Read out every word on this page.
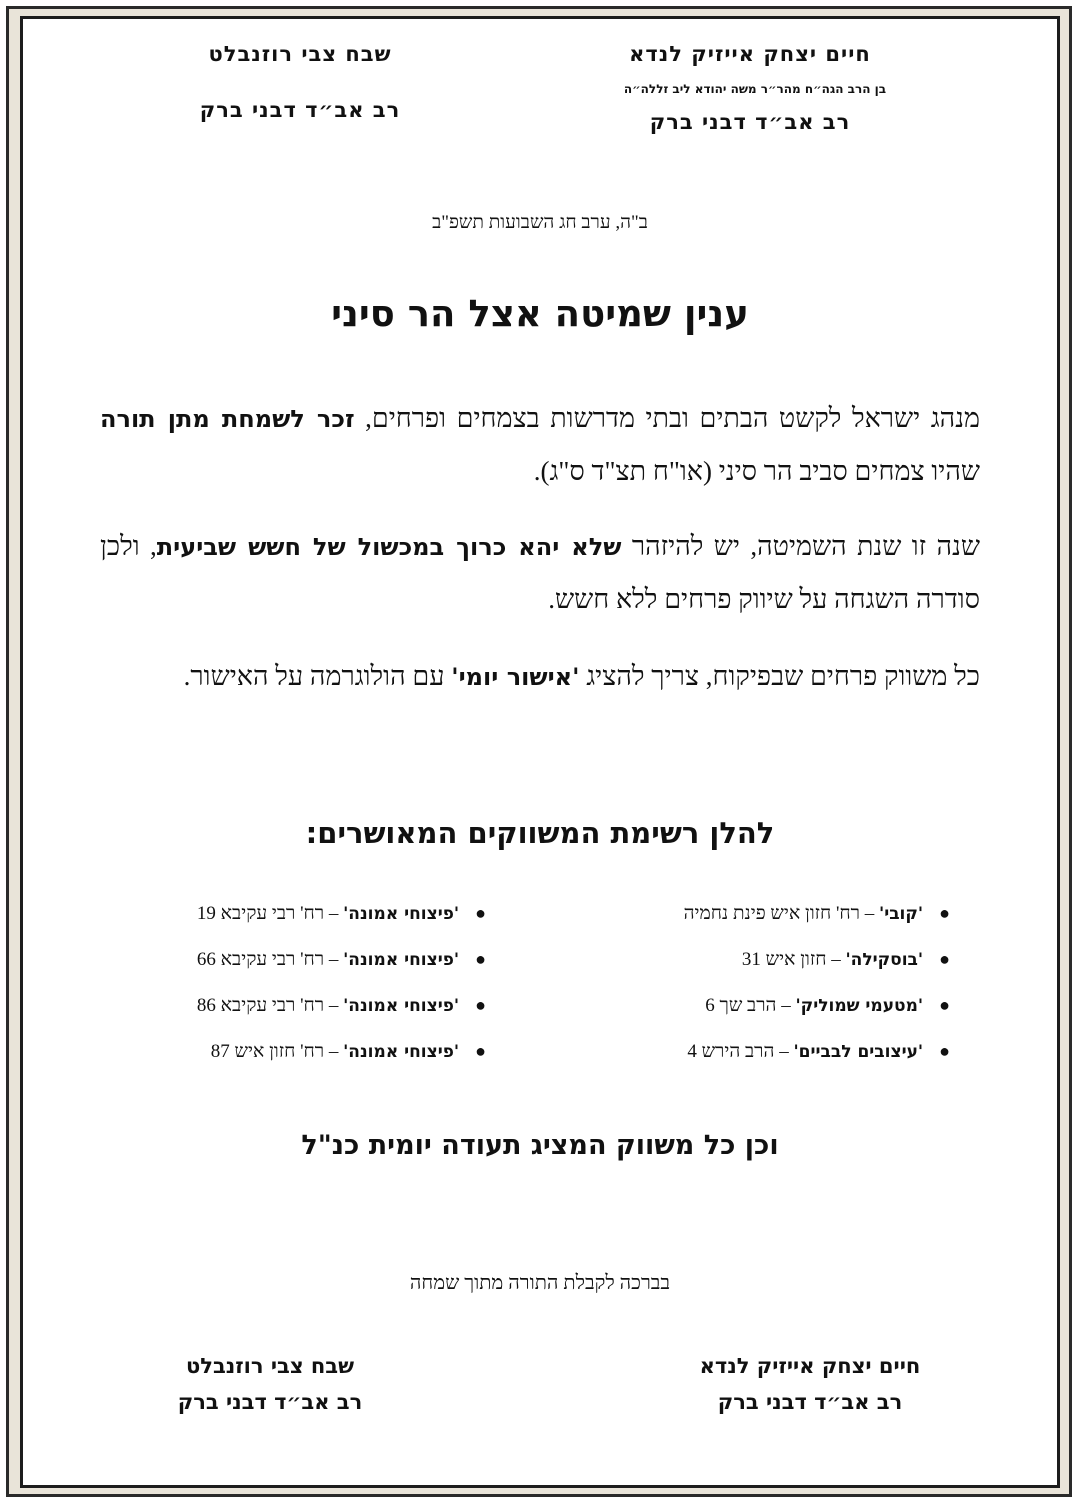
חיים יצחק אייזיק לנדא
בן הרב הגה״ח מהר״ר משה יהודא ליב זללה״ה
רב אב״ד דבני ברק
שבח צבי רוזנבלט
רב אב״ד דבני ברק
ב"ה, ערב חג השבועות תשפ"ב
ענין שמיטה אצל הר סיני
מנהג ישראל לקשט הבתים ובתי מדרשות בצמחים ופרחים, זכר לשמחת מתן תורה שהיו צמחים סביב הר סיני (או"ח תצ"ד ס"ג).
שנה זו שנת השמיטה, יש להיזהר שלא יהא כרוך במכשול של חשש שביעית, ולכן סודרה השגחה על שיווק פרחים ללא חשש.
כל משווק פרחים שבפיקוח, צריך להציג 'אישור יומי' עם הולוגרמה על האישור.
להלן רשימת המשווקים המאושרים:
●'קובי' – רח' חזון איש פינת נחמיה
●'בוסקילה' – חזון איש 31
●'מטעמי שמוליק' – הרב שך 6
●'עיצובים לבביים' – הרב הירש 4
●'פיצוחי אמונה' – רח' רבי עקיבא 19
●'פיצוחי אמונה' – רח' רבי עקיבא 66
●'פיצוחי אמונה' – רח' רבי עקיבא 86
●'פיצוחי אמונה' – רח' חזון איש 87
וכן כל משווק המציג תעודה יומית כנ"ל
בברכה לקבלת התורה מתוך שמחה
חיים יצחק אייזיק לנדא
רב אב״ד דבני ברק
שבח צבי רוזנבלט
רב אב״ד דבני ברק
